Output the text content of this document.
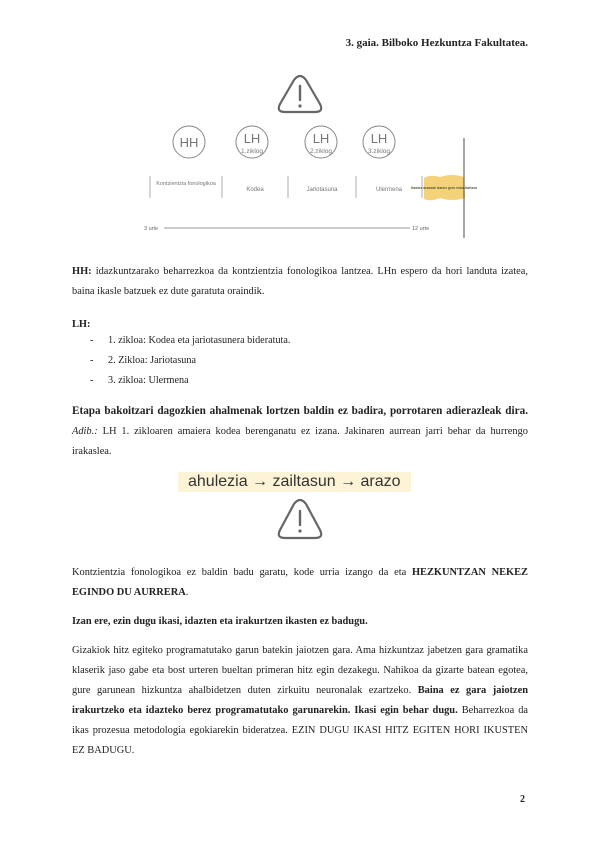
3. gaia. Bilboko Hezkuntza Fakultatea.
HH	LH
1.ziklog
LH
2.ziklog
LH
3.ziklog
Kontzientzia fonologikoa
Kodea	Jariotasuna	Ulermena	Ikaslea arazoak izanez gero esku-hartzea
3 urte	12 urte
HH: idazkuntzarako beharrezkoa da kontzientzia fonologikoa lantzea. LHn espero da hori landuta izatea, baina ikasle batzuek ez dute garatuta oraindik.
LH:
- 1. zikloa: Kodea eta jariotasunera bideratuta.
- 2. Zikloa: Jariotasuna
- 3. zikloa: Ulermena
Etapa bakoitzari dagozkien ahalmenak lortzen baldin ez badira, porrotaren adierazleak dira. Adib.: LH 1. zikloaren amaiera kodea berenganatu ez izana. Jakinaren aurrean jarri behar da hurrengo irakaslea.
ahulezia → zailtasun → arazo
Kontzientzia fonologikoa ez baldin badu garatu, kode urria izango da eta HEZKUNTZAN NEKEZ EGINDO DU AURRERA.
Izan ere, ezin dugu ikasi, idazten eta irakurtzen ikasten ez badugu.
Gizakiok hitz egiteko programatutako garun batekin jaiotzen gara. Ama hizkuntzaz jabetzen gara gramatika klaserik jaso gabe eta bost urteren bueltan primeran hitz egin dezakegu. Nahikoa da gizarte batean egotea, gure garunean hizkuntza ahalbidetzen duten zirkuitu neuronalak ezartzeko. Baina ez gara jaiotzen irakurtzeko eta idazteko berez programatutako garunarekin. Ikasi egin behar dugu. Beharrezkoa da ikas prozesua metodologia egokiarekin bideratzea. EZIN DUGU IKASI HITZ EGITEN HORI IKUSTEN EZ BADUGU.
2
